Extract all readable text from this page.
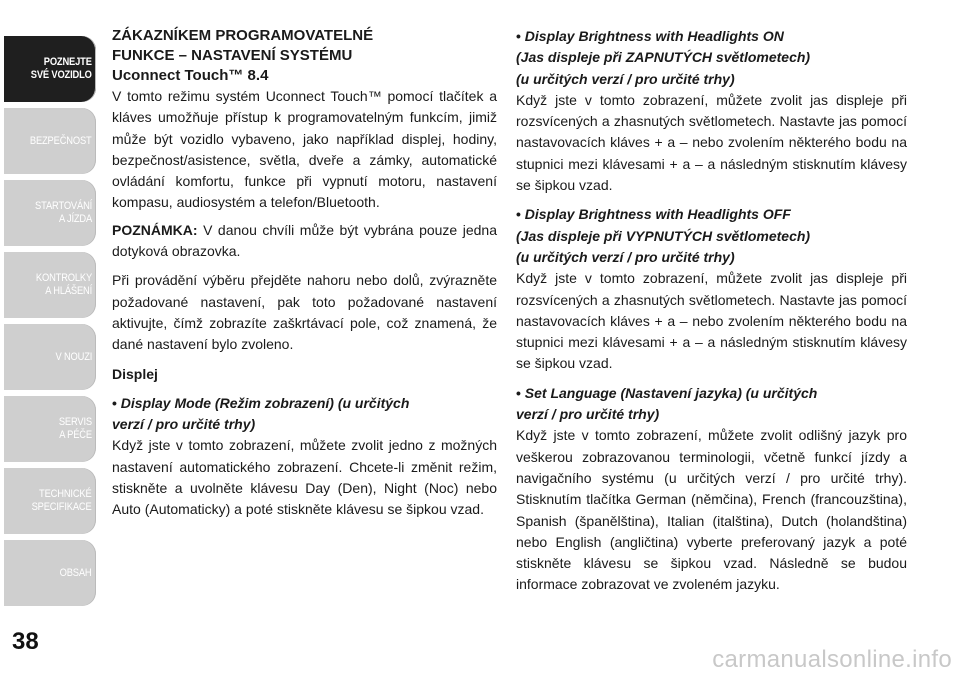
POZNEJTE
SVÉ VOZIDLO
BEZPEČNOST
STARTOVÁNÍ
A JÍZDA
KONTROLKY
A HLÁŠENÍ
V NOUZI
SERVIS
A PÉČE
TECHNICKÉ
SPECIFIKACE
OBSAH
38
ZÁKAZNÍKEM PROGRAMOVATELNÉ
FUNKCE – NASTAVENÍ SYSTÉMU
Uconnect Touch™ 8.4

V tomto režimu systém Uconnect Touch™ pomocí tlačítek a kláves umožňuje přístup k programovatelným funkcím, jimiž může být vozidlo vybaveno, jako například displej, hodiny, bezpečnost/asistence, světla, dveře a zámky, automatické ovládání komfortu, funkce při vypnutí motoru, nastavení kompasu, audiosystém a telefon/Bluetooth.

POZNÁMKA: V danou chvíli může být vybrána pouze jedna dotyková obrazovka.

Při provádění výběru přejděte nahoru nebo dolů, zvýrazněte požadované nastavení, pak toto požadované nastavení aktivujte, čímž zobrazíte zaškrtávací pole, což znamená, že dané nastavení bylo zvoleno.

Displej
• Display Mode (Režim zobrazení) (u určitých
verzí / pro určité trhy)

Když jste v tomto zobrazení, můžete zvolit jedno z možných nastavení automatického zobrazení. Chcete-li změnit režim, stiskněte a uvolněte klávesu Day (Den), Night (Noc) nebo Auto (Automaticky) a poté stiskněte klávesu se šipkou vzad.

• Display Brightness with Headlights ON
(Jas displeje při ZAPNUTÝCH světlometech)
(u určitých verzí / pro určité trhy)

Když jste v tomto zobrazení, můžete zvolit jas displeje při rozsvícených a zhasnutých světlometech. Nastavte jas pomocí nastavovacích kláves + a – nebo zvolením některého bodu na stupnici mezi klávesami + a – a následným stisknutím klávesy se šipkou vzad.

• Display Brightness with Headlights OFF
(Jas displeje při VYPNUTÝCH světlometech)
(u určitých verzí / pro určité trhy)

Když jste v tomto zobrazení, můžete zvolit jas displeje při rozsvícených a zhasnutých světlometech. Nastavte jas pomocí nastavovacích kláves + a – nebo zvolením některého bodu na stupnici mezi klávesami + a – a následným stisknutím klávesy se šipkou vzad.

• Set Language (Nastavení jazyka) (u určitých
verzí / pro určité trhy)

Když jste v tomto zobrazení, můžete zvolit odlišný jazyk pro veškerou zobrazovanou terminologii, včetně funkcí jízdy a navigačního systému (u určitých verzí / pro určité trhy). Stisknutím tlačítka German (němčina), French (francouzština), Spanish (španělština), Italian (italština), Dutch (holandština) nebo English (angličtina) vyberte preferovaný jazyk a poté stiskněte klávesu se šipkou vzad. Následně se budou informace zobrazovat ve zvoleném jazyku.

carmanualsonline.info
